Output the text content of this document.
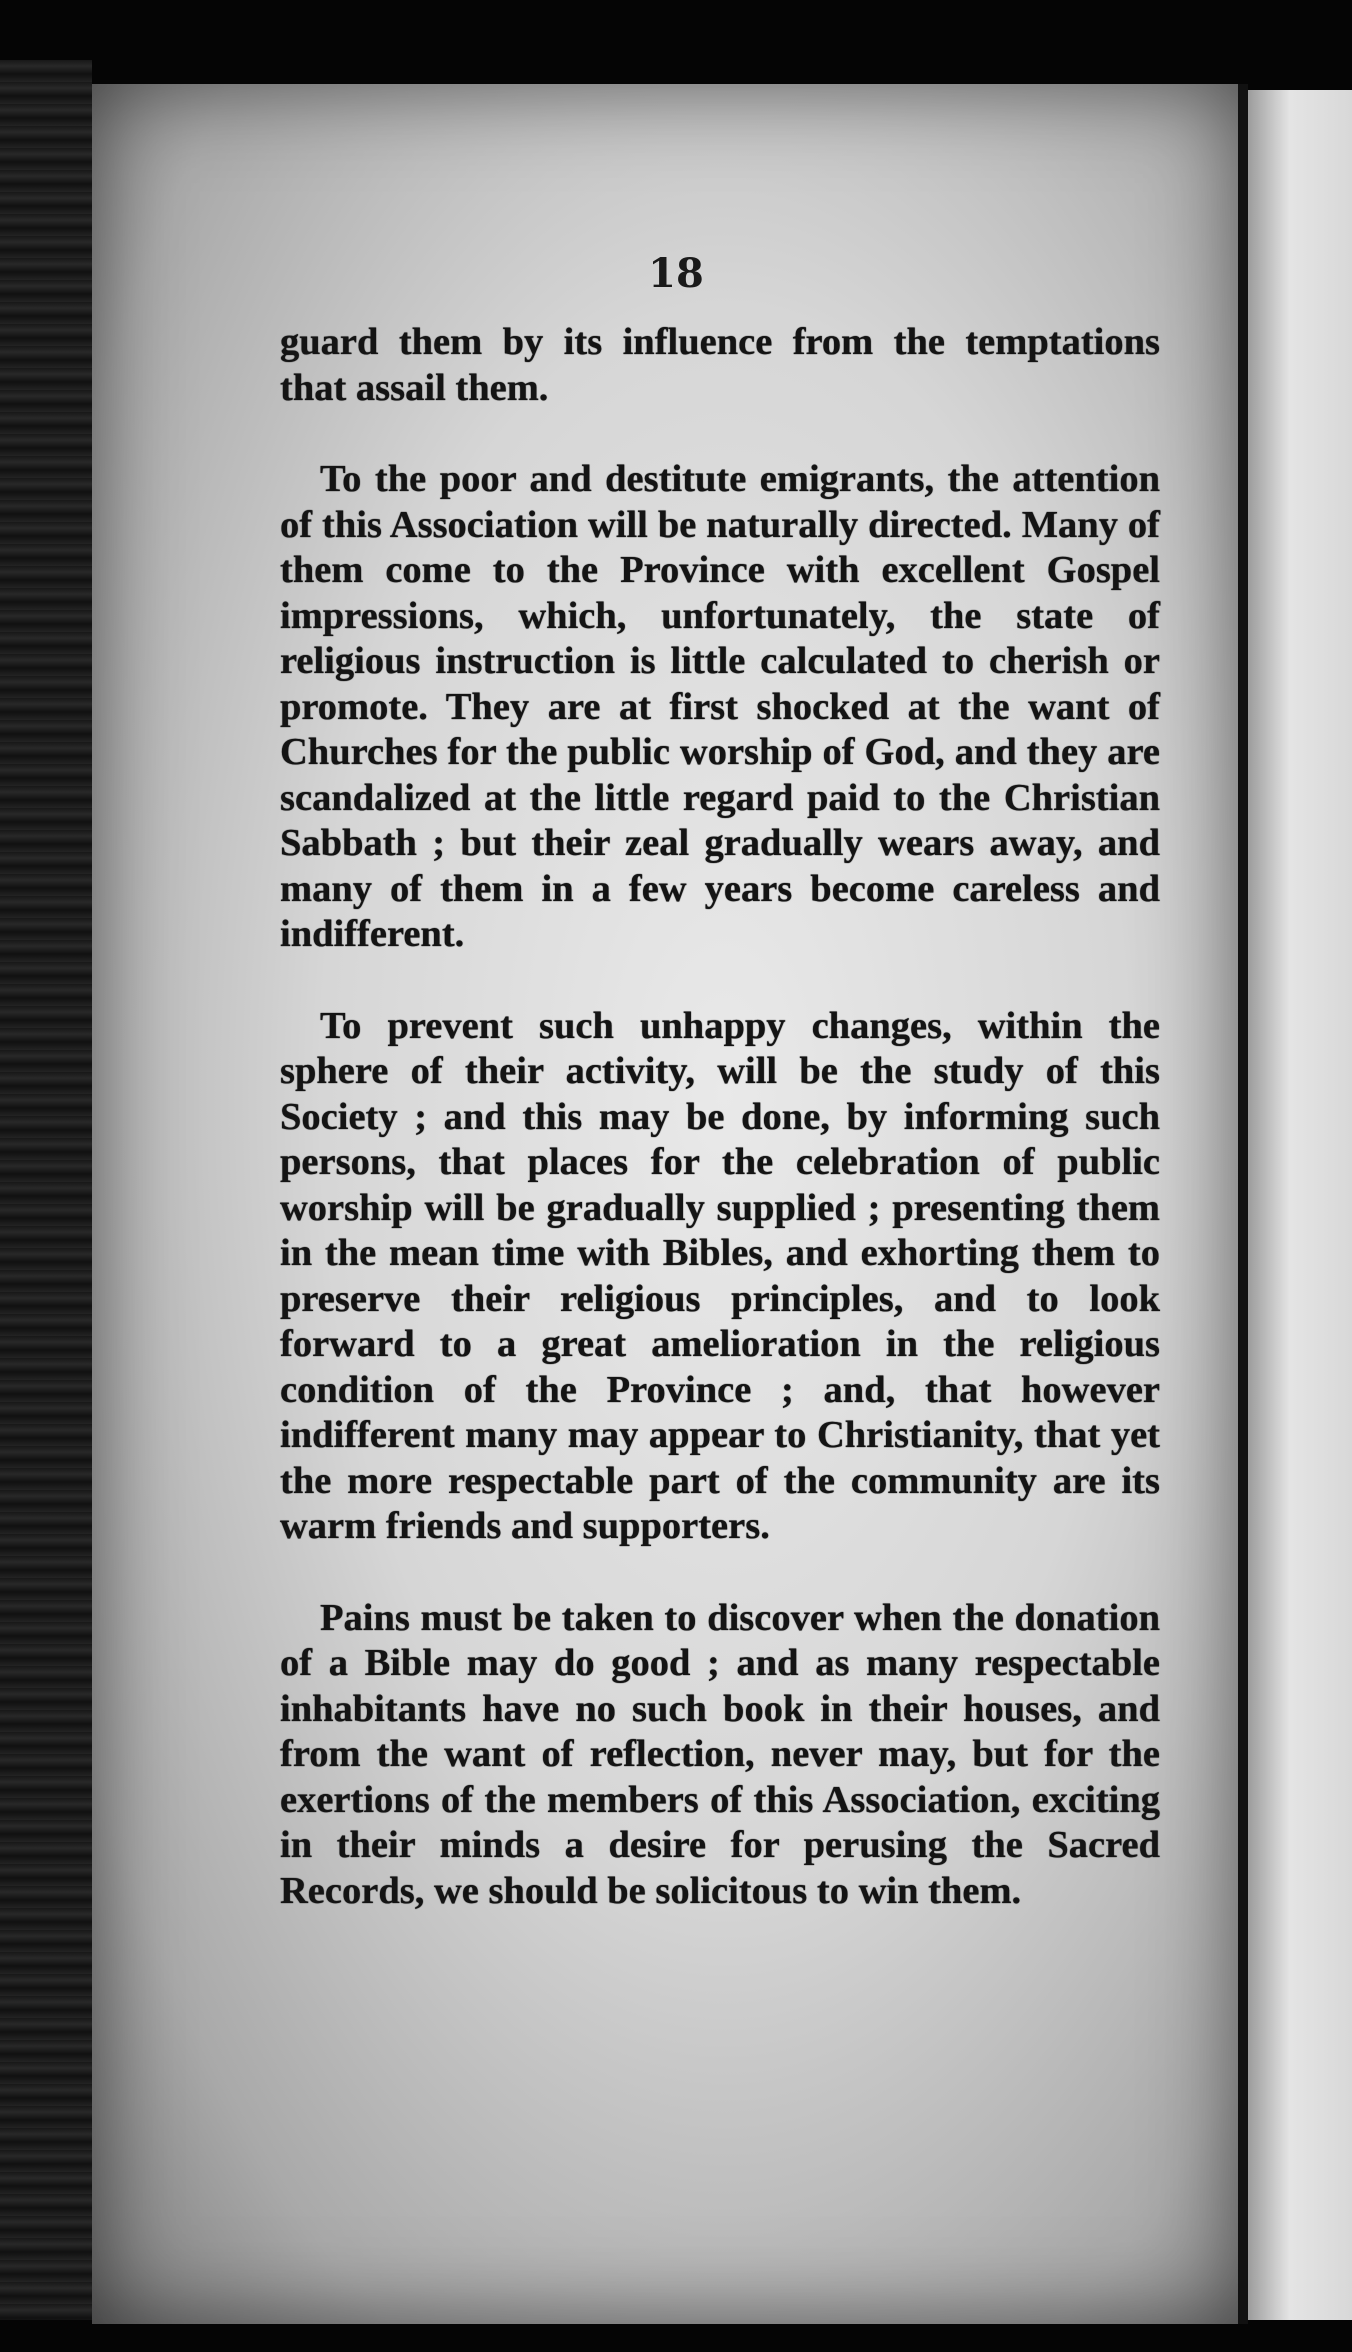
18

guard them by its influence from the temptations that assail them.

To the poor and destitute emigrants, the attention of this Association will be naturally directed. Many of them come to the Province with excellent Gospel impressions, which, unfortunately, the state of religious instruction is little calculated to cherish or promote. They are at first shocked at the want of Churches for the public worship of God, and they are scandalized at the little regard paid to the Christian Sabbath ; but their zeal gradually wears away, and many of them in a few years become careless and indifferent.

To prevent such unhappy changes, within the sphere of their activity, will be the study of this Society ; and this may be done, by informing such persons, that places for the celebration of public worship will be gradually supplied ; presenting them in the mean time with Bibles, and exhorting them to preserve their religious principles, and to look forward to a great amelioration in the religious condition of the Province ; and, that however indifferent many may appear to Christianity, that yet the more respectable part of the community are its warm friends and supporters.

Pains must be taken to discover when the donation of a Bible may do good ; and as many respectable inhabitants have no such book in their houses, and from the want of reflection, never may, but for the exertions of the members of this Association, exciting in their minds a desire for perusing the Sacred Records, we should be solicitous to win them.
